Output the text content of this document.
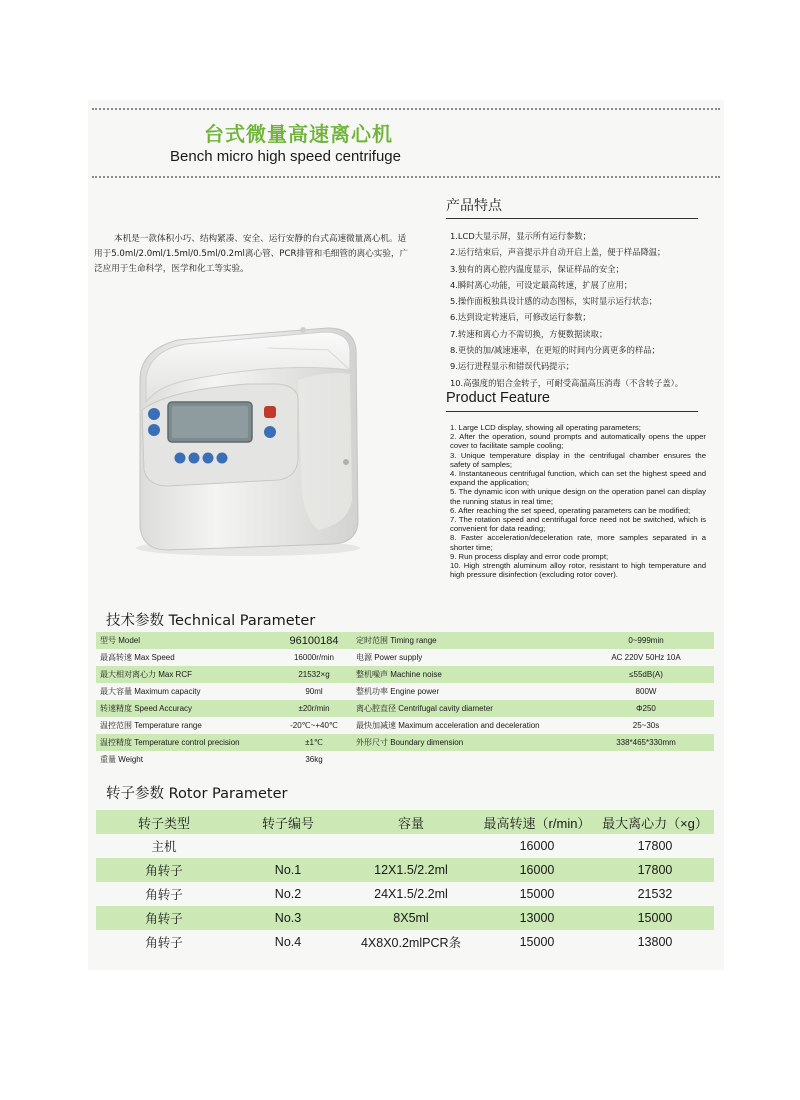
台式微量高速离心机
Bench micro high speed centrifuge

本机是一款体积小巧、结构紧凑、安全、运行安静的台式高速微量离心机。适用于5.0ml/2.0ml/1.5ml/0.5ml/0.2ml离心管、PCR排管和毛细管的离心实验，广泛应用于生命科学，医学和化工等实验。

产品特点
1.LCD大显示屏，显示所有运行参数；
2.运行结束后，声音提示并自动开启上盖，便于样品降温；
3.独有的离心腔内温度显示，保证样品的安全；
4.瞬时离心功能，可设定最高转速，扩展了应用；
5.操作面板独具设计感的动态图标，实时显示运行状态；
6.达到设定转速后，可修改运行参数；
7.转速和离心力不需切换，方便数据读取；
8.更快的加/减速速率，在更短的时间内分离更多的样品；
9.运行进程显示和错误代码提示；
10.高强度的铝合金转子，可耐受高温高压消毒（不含转子盖）。
Product Feature
1. Large LCD display, showing all operating parameters;
2. After the operation, sound prompts and automatically opens the upper cover to facilitate sample cooling;
3. Unique temperature display in the centrifugal chamber ensures the safety of samples;
4. Instantaneous centrifugal function, which can set the highest speed and expand the application;
5. The dynamic icon with unique design on the operation panel can display the running status in real time;
6. After reaching the set speed, operating parameters can be modified;
7. The rotation speed and centrifugal force need not be switched, which is convenient for data reading;
8. Faster acceleration/deceleration rate, more samples separated in a shorter time;
9. Run process display and error code prompt;
10. High strength aluminum alloy rotor, resistant to high temperature and high pressure disinfection (excluding rotor cover).
技术参数 Technical Parameter
型号 Model	96100184	定时范围 Timing range	0~999min
最高转速 Max Speed	16000r/min	电源 Power supply	AC 220V 50Hz 10A
最大相对离心力 Max RCF	21532×g	整机噪声 Machine noise	≤55dB(A)
最大容量 Maximum capacity	90ml	整机功率 Engine power	800W
转速精度 Speed Accuracy	±20r/min	离心腔直径 Centrifugal cavity diameter	Φ250
温控范围 Temperature range	-20℃~+40℃	最快加减速 Maximum acceleration and deceleration	25~30s
温控精度 Temperature control precision	±1℃	外形尺寸 Boundary dimension	338*465*330mm
重量 Weight	36kg		
转子参数 Rotor Parameter
转子类型	转子编号	容量	最高转速（r/min）	最大离心力（×g）
主机			16000	17800
角转子	No.1	12X1.5/2.2ml	16000	17800
角转子	No.2	24X1.5/2.2ml	15000	21532
角转子	No.3	8X5ml	13000	15000
角转子	No.4	4X8X0.2mlPCR条	15000	13800
